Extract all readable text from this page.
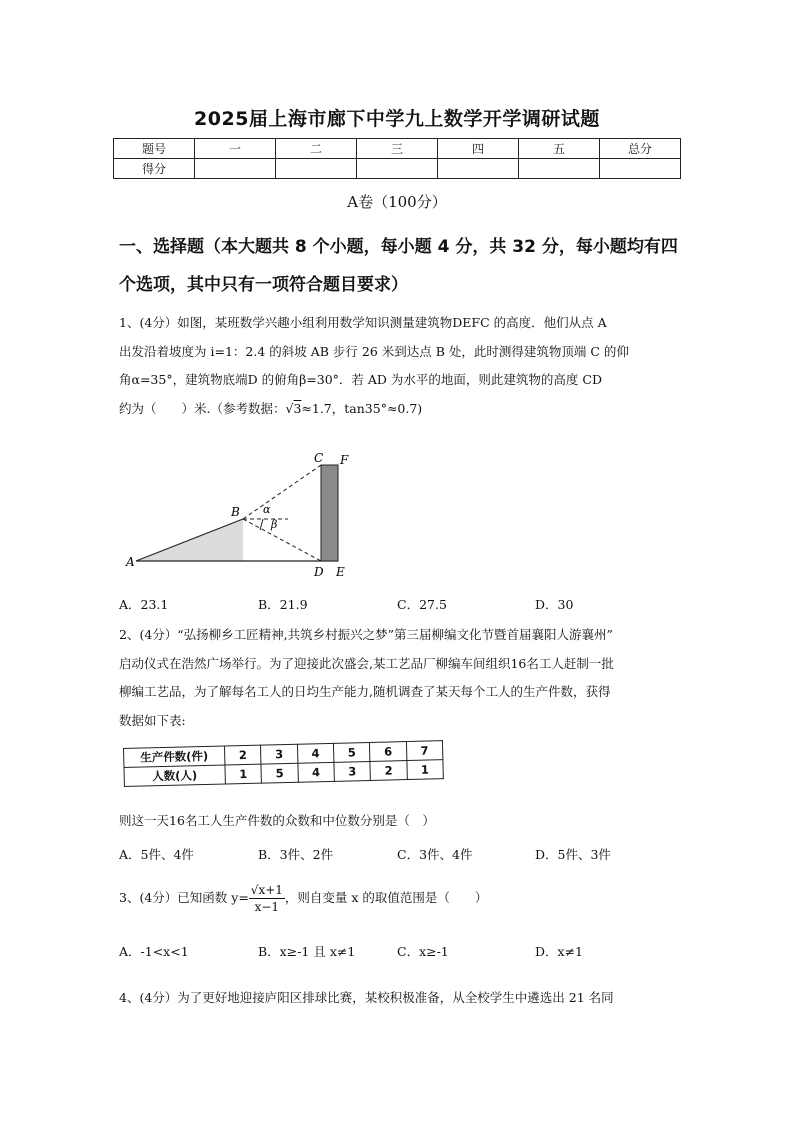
2025届上海市廊下中学九上数学开学调研试题
题号	一	二	三	四	五	总分
得分						
A卷（100分）
一、选择题（本大题共 8 个小题，每小题 4 分，共 32 分，每小题均有四个选项，其中只有一项符合题目要求）
1、(4分）如图，某班数学兴趣小组利用数学知识测量建筑物DEFC 的高度．他们从点 A
出发沿着坡度为 i=1：2.4 的斜坡 AB 步行 26 米到达点 B 处，此时测得建筑物顶端 C 的仰
角α=35°，建筑物底端D 的俯角β=30°．若 AD 为水平的地面，则此建筑物的高度 CD
约为（　　）米.（参考数据：√3≈1.7，tan35°≈0.7)
A
B
C F
D E
α
β
A．23.1	B．21.9	C．27.5	D．30
2、(4分）“弘扬柳乡工匠精神,共筑乡村振兴之梦”第三届柳编文化节暨首届襄阳人游襄州”
启动仪式在浩然广场举行。为了迎接此次盛会,某工艺品厂柳编车间组织16名工人赶制一批
柳编工艺品，为了解每名工人的日均生产能力,随机调查了某天每个工人的生产件数，获得
数据如下表:
生产件数(件)	2	3	4	5	6	7
人数(人)	1	5	4	3	2	1
则这一天16名工人生产件数的众数和中位数分别是（　）
A．5件、4件	B．3件、2件	C．3件、4件	D．5件、3件
3、(4分）已知函数 $y= \frac{√x+1}{x-1}$ ，则自变量 x 的取值范围是（　　）
A．-1<x<1	B．x≥-1 且 x≠1	C．x≥-1	D．x≠1
4、(4分）为了更好地迎接庐阳区排球比赛，某校积极准备，从全校学生中遴选出 21 名同
